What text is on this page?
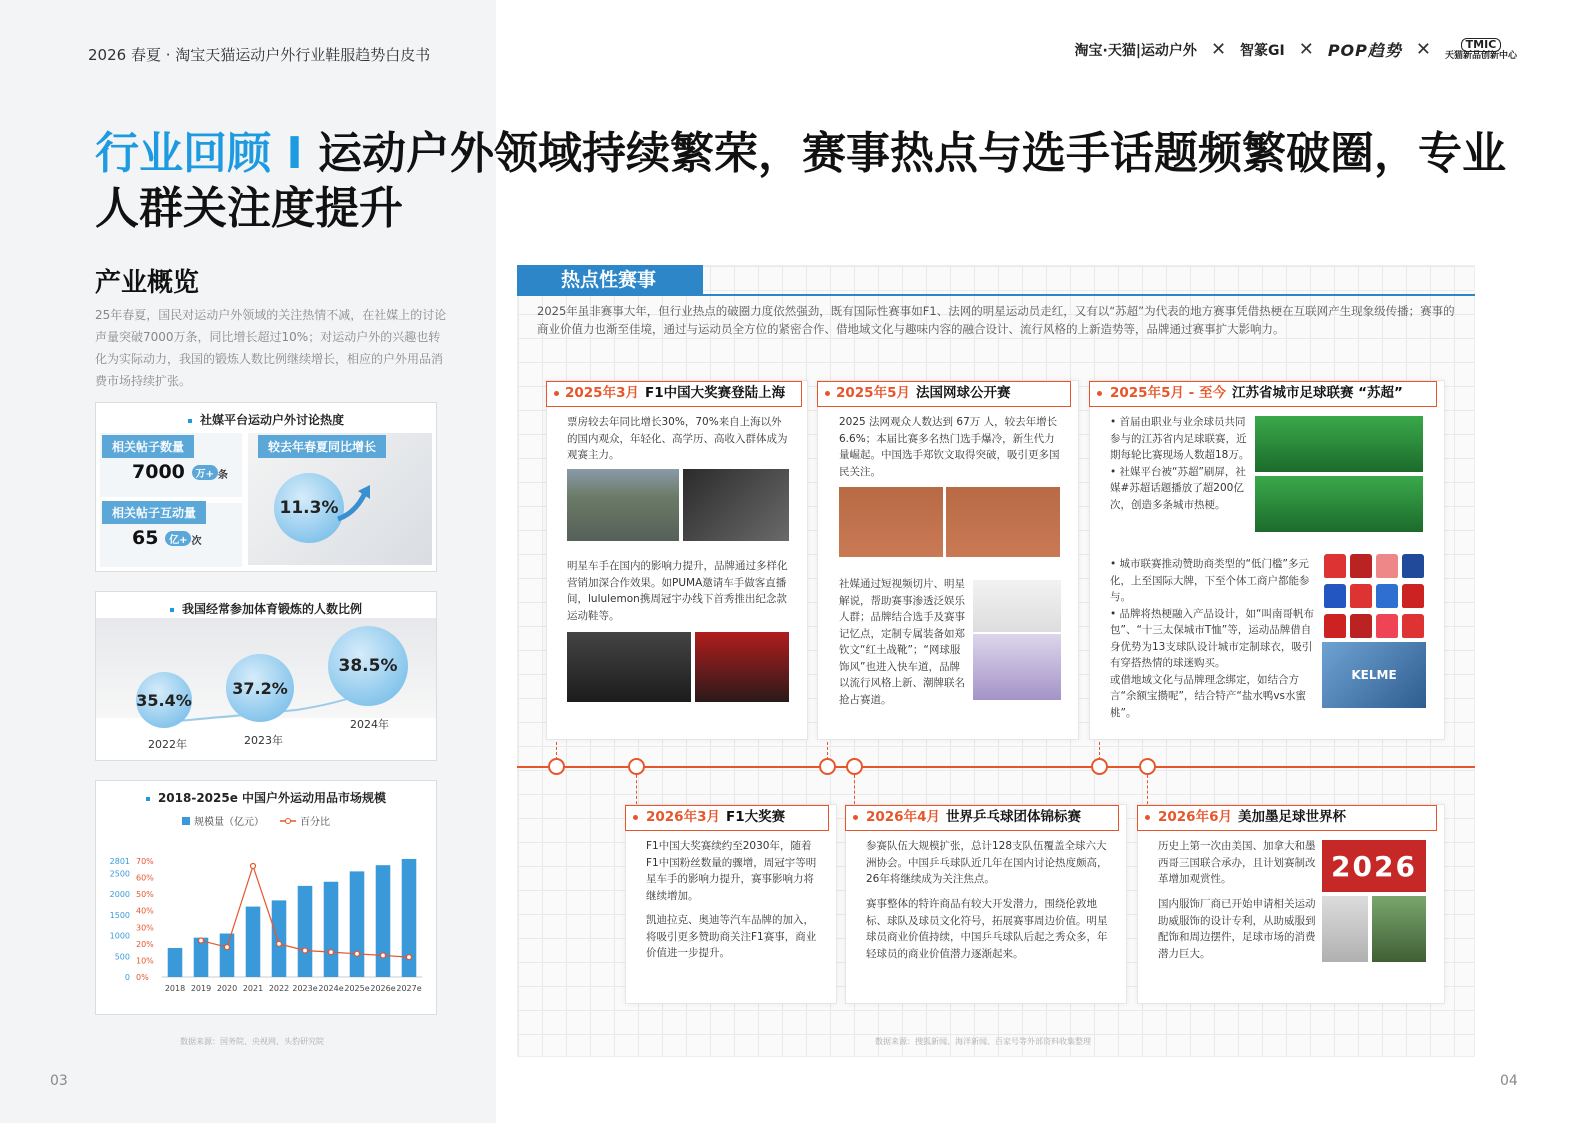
2026 春夏 · 淘宝天猫运动户外行业鞋服趋势白皮书	淘宝·天猫|运动户外 ✕ 智篆GI ✕ POP趋势 ✕	TMIC
天猫新品创新中心
行业回顾 I 运动户外领域持续繁荣，赛事热点与选手话题频繁破圈，专业人群关注度提升
产业概览
25年春夏，国民对运动户外领域的关注热情不减，在社媒上的讨论声量突破7000万条，同比增长超过10%；对运动户外的兴趣也转化为实际动力，我国的锻炼人数比例继续增长，相应的户外用品消费市场持续扩张。
社媒平台运动户外讨论热度
相关帖子数量
7000 万+ 条
相关帖子互动量
65 亿+ 次
较去年春夏同比增长
11.3%
我国经常参加体育锻炼的人数比例
35.4%
2022年
37.2%
2023年
38.5%
2024年
2018-2025e 中国户外运动用品市场规模
规模量（亿元）	百分比
0
500
1000
1500
2000
2500
2801
0%
10%
20%
30%
40%
50%
60%
70%
2018 2019 2020 2021 2022 2023e 2024e 2025e 2026e 2027e
数据来源：国务院、央视网、头豹研究院
03
热点性赛事
2025年虽非赛事大年，但行业热点的破圈力度依然强劲，既有国际性赛事如F1、法网的明星运动员走红，又有以“苏超”为代表的地方赛事凭借热梗在互联网产生现象级传播；赛事的商业价值力也渐至佳境，通过与运动员全方位的紧密合作、借地域文化与趣味内容的融合设计、流行风格的上新造势等，品牌通过赛事扩大影响力。
2025年3月 F1中国大奖赛登陆上海
票房较去年同比增长30%，70%来自上海以外的国内观众，年轻化、高学历、高收入群体成为观赛主力。
明星车手在国内的影响力提升，品牌通过多样化营销加深合作效果。如PUMA邀请车手做客直播间，lululemon携周冠宇办线下首秀推出纪念款运动鞋等。
2025年5月 法国网球公开赛
2025 法网观众人数达到 67万 人，较去年增长6.6%；本届比赛多名热门选手爆冷，新生代力量崛起。中国选手郑钦文取得突破，吸引更多国民关注。
社媒通过短视频切片、明星解说，帮助赛事渗透泛娱乐人群；品牌结合选手及赛事记忆点，定制专属装备如郑钦文“红土战靴”；“网球服饰风”也进入快车道，品牌以流行风格上新、潮牌联名抢占赛道。
2025年5月 - 至今 江苏省城市足球联赛 “苏超”
• 首届由职业与业余球员共同参与的江苏省内足球联赛，近期每轮比赛现场人数超18万。
• 社媒平台被“苏超”刷屏，社媒#苏超话题播放了超200亿次，创造多条城市热梗。
• 城市联赛推动赞助商类型的“低门槛”多元化，上至国际大牌，下至个体工商户都能参与。
• 品牌将热梗融入产品设计，如“叫南哥帆布包”、“十三太保城市T恤”等，运动品牌借自身优势为13支球队设计城市定制球衣，吸引有穿搭热情的球迷购买。
或借地域文化与品牌理念绑定，如结合方言“余额宝攒呢”，结合特产“盐水鸭vs水蜜桃”。
KELME
2026年3月 F1大奖赛
F1中国大奖赛续约至2030年，随着F1中国粉丝数量的骤增，周冠宇等明星车手的影响力提升，赛事影响力将继续增加。
凯迪拉克、奥迪等汽车品牌的加入，将吸引更多赞助商关注F1赛事，商业价值进一步提升。
2026年4月 世界乒乓球团体锦标赛
参赛队伍大规模扩张，总计128支队伍覆盖全球六大洲协会。中国乒乓球队近几年在国内讨论热度颇高，26年将继续成为关注焦点。
赛事整体的特许商品有较大开发潜力，围绕伦敦地标、球队及球员文化符号，拓展赛事周边价值。明星球员商业价值持续，中国乒乓球队后起之秀众多，年轻球员的商业价值潜力逐渐起来。
2026年6月 美加墨足球世界杯
历史上第一次由美国、加拿大和墨西哥三国联合承办，且计划赛制改革增加观赏性。
国内服饰厂商已开始申请相关运动助威服饰的设计专利，从助威服到配饰和周边摆件，足球市场的消费潜力巨大。
2026
数据来源：搜狐新闻、海洋新闻、百家号等外部资料收集整理
04
